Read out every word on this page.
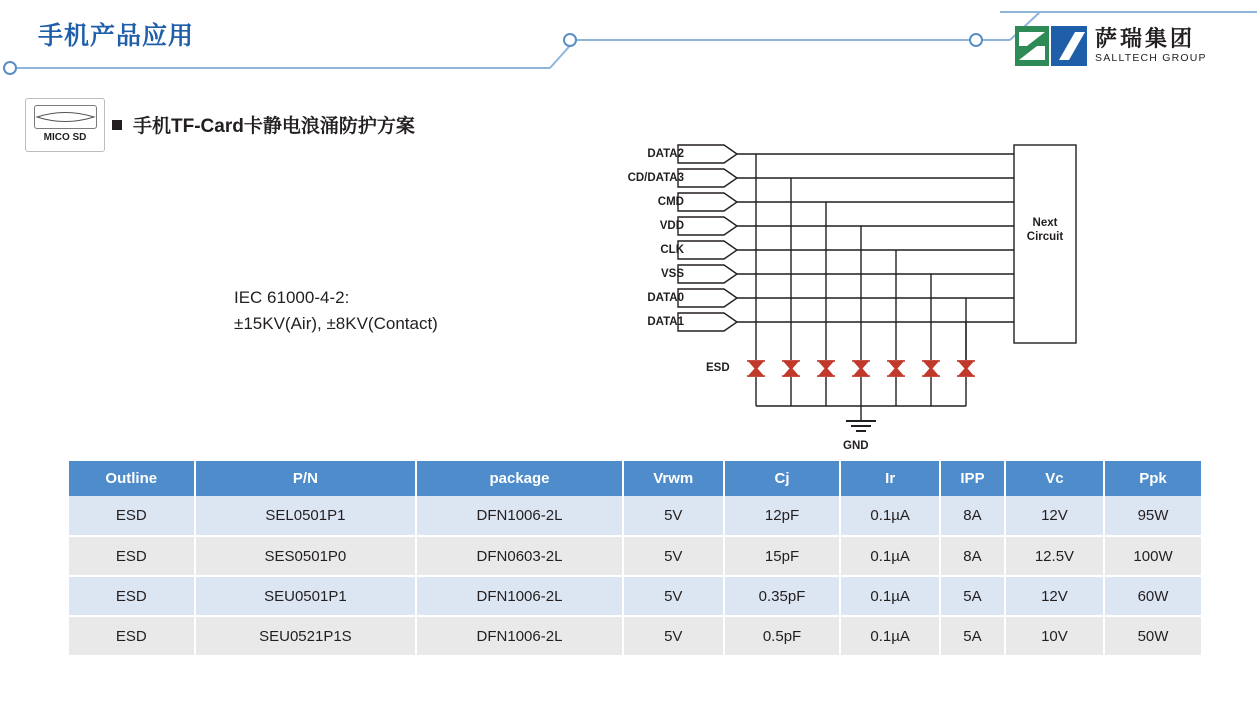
手机产品应用	萨瑞集团
SALLTECH GROUP
MICO SD
手机TF-Card卡静电浪涌防护方案
IEC 61000-4-2:
±15KV(Air), ±8KV(Contact)
DATA2
CD/DATA3
CMD
VDD
CLK
VSS
DATA0
DATA1
ESD
GND
Next
Circuit
Outline	P/N	package	Vrwm	Cj	Ir	IPP	Vc	Ppk
ESD	SEL0501P1	DFN1006-2L	5V	12pF	0.1µA	8A	12V	95W
ESD	SES0501P0	DFN0603-2L	5V	15pF	0.1µA	8A	12.5V	100W
ESD	SEU0501P1	DFN1006-2L	5V	0.35pF	0.1µA	5A	12V	60W
ESD	SEU0521P1S	DFN1006-2L	5V	0.5pF	0.1µA	5A	10V	50W
